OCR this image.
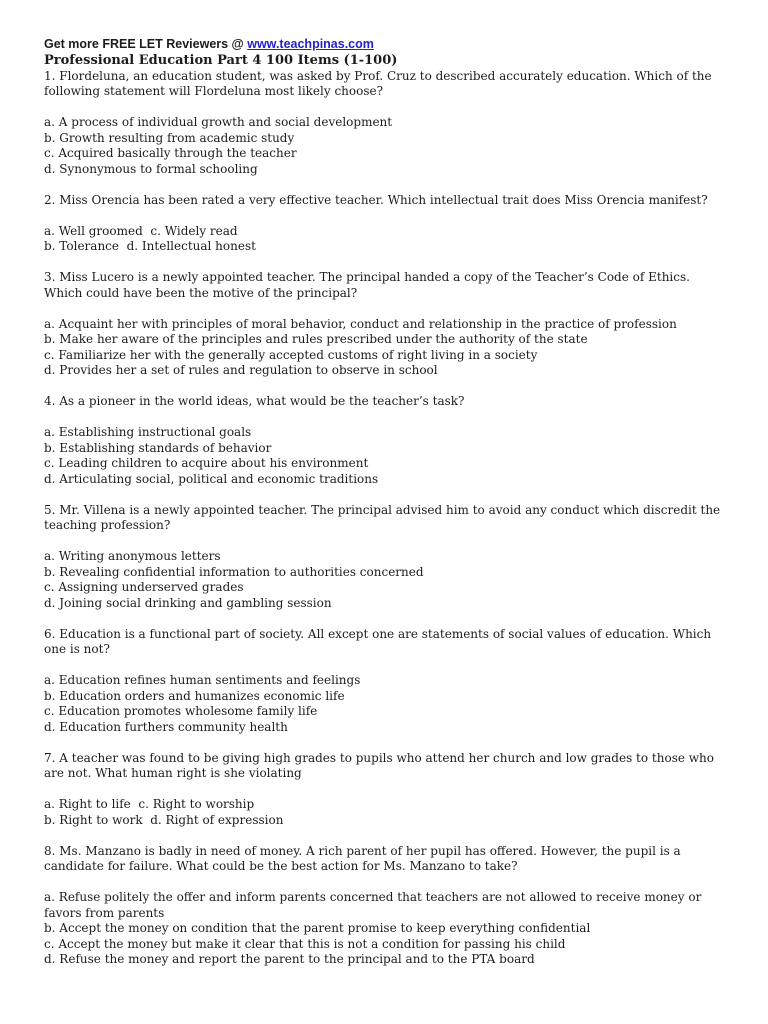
Get more FREE LET Reviewers @ www.teachpinas.com
Professional Education Part 4 100 Items (1-100)

1. Flordeluna, an education student, was asked by Prof. Cruz to described accurately education. Which of the following statement will Flordeluna most likely choose?

a. A process of individual growth and social development
b. Growth resulting from academic study
c. Acquired basically through the teacher
d. Synonymous to formal schooling

2. Miss Orencia has been rated a very effective teacher. Which intellectual trait does Miss Orencia manifest?

a. Well groomed  c. Widely read
b. Tolerance  d. Intellectual honest

3. Miss Lucero is a newly appointed teacher. The principal handed a copy of the Teacher’s Code of Ethics. Which could have been the motive of the principal?

a. Acquaint her with principles of moral behavior, conduct and relationship in the practice of profession
b. Make her aware of the principles and rules prescribed under the authority of the state
c. Familiarize her with the generally accepted customs of right living in a society
d. Provides her a set of rules and regulation to observe in school

4. As a pioneer in the world ideas, what would be the teacher’s task?

a. Establishing instructional goals
b. Establishing standards of behavior
c. Leading children to acquire about his environment
d. Articulating social, political and economic traditions

5. Mr. Villena is a newly appointed teacher. The principal advised him to avoid any conduct which discredit the teaching profession?

a. Writing anonymous letters
b. Revealing confidential information to authorities concerned
c. Assigning underserved grades
d. Joining social drinking and gambling session

6. Education is a functional part of society. All except one are statements of social values of education. Which one is not?

a. Education refines human sentiments and feelings
b. Education orders and humanizes economic life
c. Education promotes wholesome family life
d. Education furthers community health

7. A teacher was found to be giving high grades to pupils who attend her church and low grades to those who are not. What human right is she violating

a. Right to life  c. Right to worship
b. Right to work  d. Right of expression

8. Ms. Manzano is badly in need of money. A rich parent of her pupil has offered. However, the pupil is a candidate for failure. What could be the best action for Ms. Manzano to take?

a. Refuse politely the offer and inform parents concerned that teachers are not allowed to receive money or favors from parents
b. Accept the money on condition that the parent promise to keep everything confidential
c. Accept the money but make it clear that this is not a condition for passing his child
d. Refuse the money and report the parent to the principal and to the PTA board
